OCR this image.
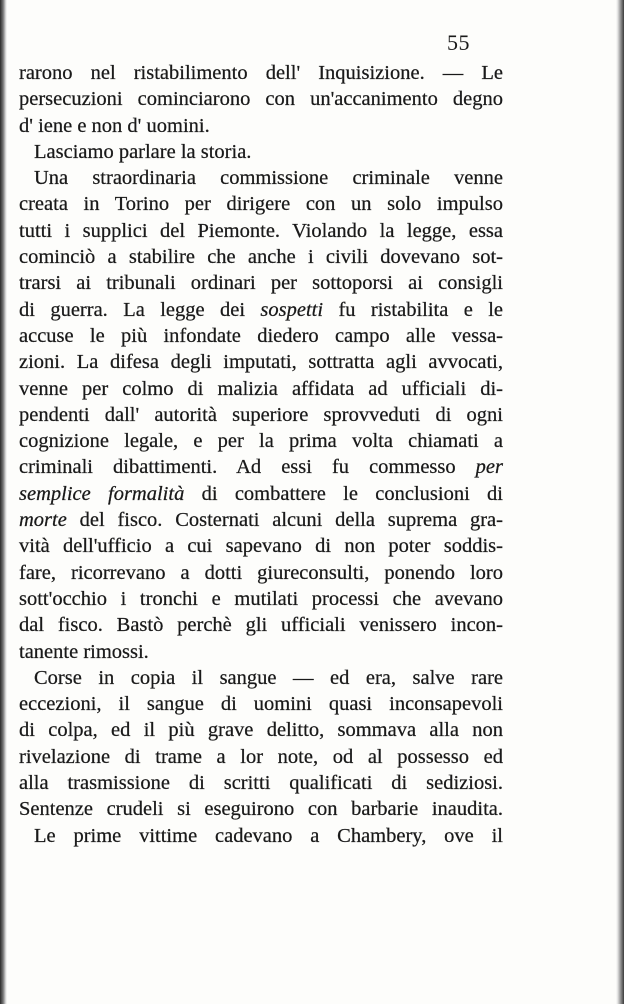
55
rarono nel ristabilimento dell' Inquisizione. — Le
persecuzioni cominciarono con un'accanimento degno
d' iene e non d' uomini.
Lasciamo parlare la storia.
Una straordinaria commissione criminale venne
creata in Torino per dirigere con un solo impulso
tutti i supplici del Piemonte. Violando la legge, essa
cominciò a stabilire che anche i civili dovevano sot-
trarsi ai tribunali ordinari per sottoporsi ai consigli
di guerra. La legge dei sospetti fu ristabilita e le
accuse le più infondate diedero campo alle vessa-
zioni. La difesa degli imputati, sottratta agli avvocati,
venne per colmo di malizia affidata ad ufficiali di-
pendenti dall' autorità superiore sprovveduti di ogni
cognizione legale, e per la prima volta chiamati a
criminali dibattimenti. Ad essi fu commesso per
semplice formalità di combattere le conclusioni di
morte del fisco. Costernati alcuni della suprema gra-
vità dell'ufficio a cui sapevano di non poter soddis-
fare, ricorrevano a dotti giureconsulti, ponendo loro
sott'occhio i tronchi e mutilati processi che avevano
dal fisco. Bastò perchè gli ufficiali venissero incon-
tanente rimossi.
Corse in copia il sangue — ed era, salve rare
eccezioni, il sangue di uomini quasi inconsapevoli
di colpa, ed il più grave delitto, sommava alla non
rivelazione di trame a lor note, od al possesso ed
alla trasmissione di scritti qualificati di sediziosi.
Sentenze crudeli si eseguirono con barbarie inaudita.
Le prime vittime cadevano a Chambery, ove il
